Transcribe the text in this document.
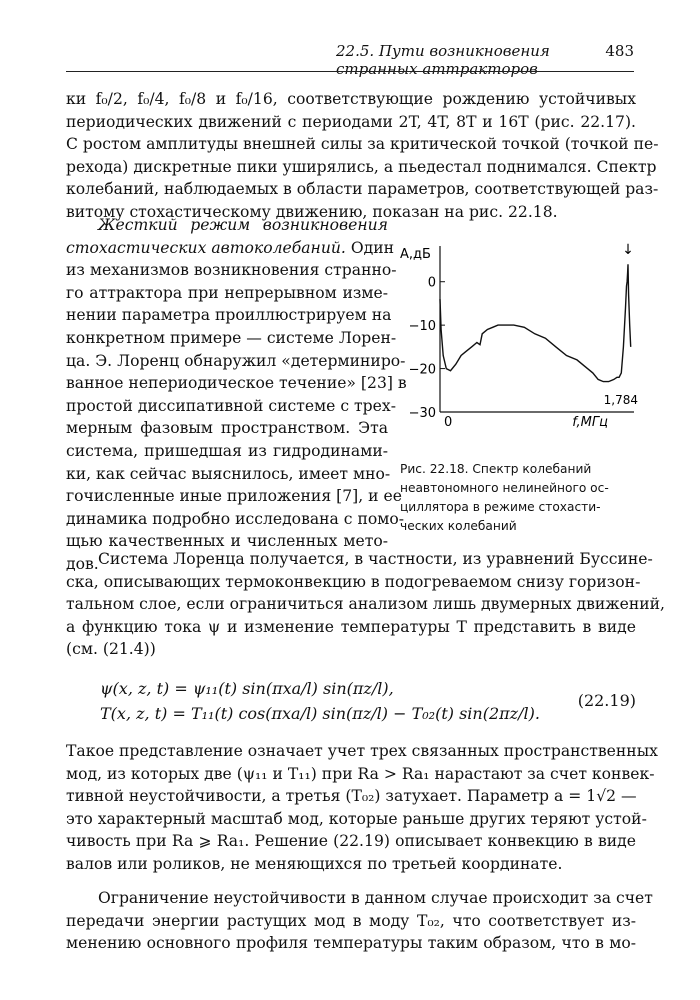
22.5. Пути возникновения странных аттракторов
483
ки f₀/2, f₀/4, f₀/8 и f₀/16, соответствующие рождению устойчивых
периодических движений с периодами 2T, 4T, 8T и 16T (рис. 22.17).
С ростом амплитуды внешней силы за критической точкой (точкой пе-
рехода) дискретные пики уширялись, а пьедестал поднимался. Спектр
колебаний, наблюдаемых в области параметров, соответствующей раз-
витому стохастическому движению, показан на рис. 22.18.
Жесткий режим возникновения
стохастических автоколебаний. Один
из механизмов возникновения странно-
го аттрактора при непрерывном изме-
нении параметра проиллюстрируем на
конкретном примере — системе Лорен-
ца. Э. Лоренц обнаружил «детерминиро-
ванное непериодическое течение» [23] в
простой диссипативной системе с трех-
мерным фазовым пространством. Эта
система, пришедшая из гидродинами-
ки, как сейчас выяснилось, имеет мно-
гочисленные иные приложения [7], и ее
динамика подробно исследована с помо-
щью качественных и численных мето-
дов.
0
−10
−20
−30
A,дБ
0
1,784
f,МГц
↓
Рис. 22.18. Спектр колебаний
неавтономного нелинейного ос-
циллятора в режиме стохасти-
ческих колебаний
Система Лоренца получается, в частности, из уравнений Буссине-
ска, описывающих термоконвекцию в подогреваемом снизу горизон-
тальном слое, если ограничиться анализом лишь двумерных движений,
а функцию тока ψ и изменение температуры T представить в виде
(см. (21.4))
ψ(x, z, t) = ψ₁₁(t) sin(πxa/l) sin(πz/l),
T(x, z, t) = T₁₁(t) cos(πxa/l) sin(πz/l) − T₀₂(t) sin(2πz/l).
(22.19)
Такое представление означает учет трех связанных пространственных
мод, из которых две (ψ₁₁ и T₁₁) при Ra > Ra₁ нарастают за счет конвек-
тивной неустойчивости, а третья (T₀₂) затухает. Параметр a = 1√2 —
это характерный масштаб мод, которые раньше других теряют устой-
чивость при Ra ⩾ Ra₁. Решение (22.19) описывает конвекцию в виде
валов или роликов, не меняющихся по третьей координате.
Ограничение неустойчивости в данном случае происходит за счет
передачи энергии растущих мод в моду T₀₂, что соответствует из-
менению основного профиля температуры таким образом, что в мо-
